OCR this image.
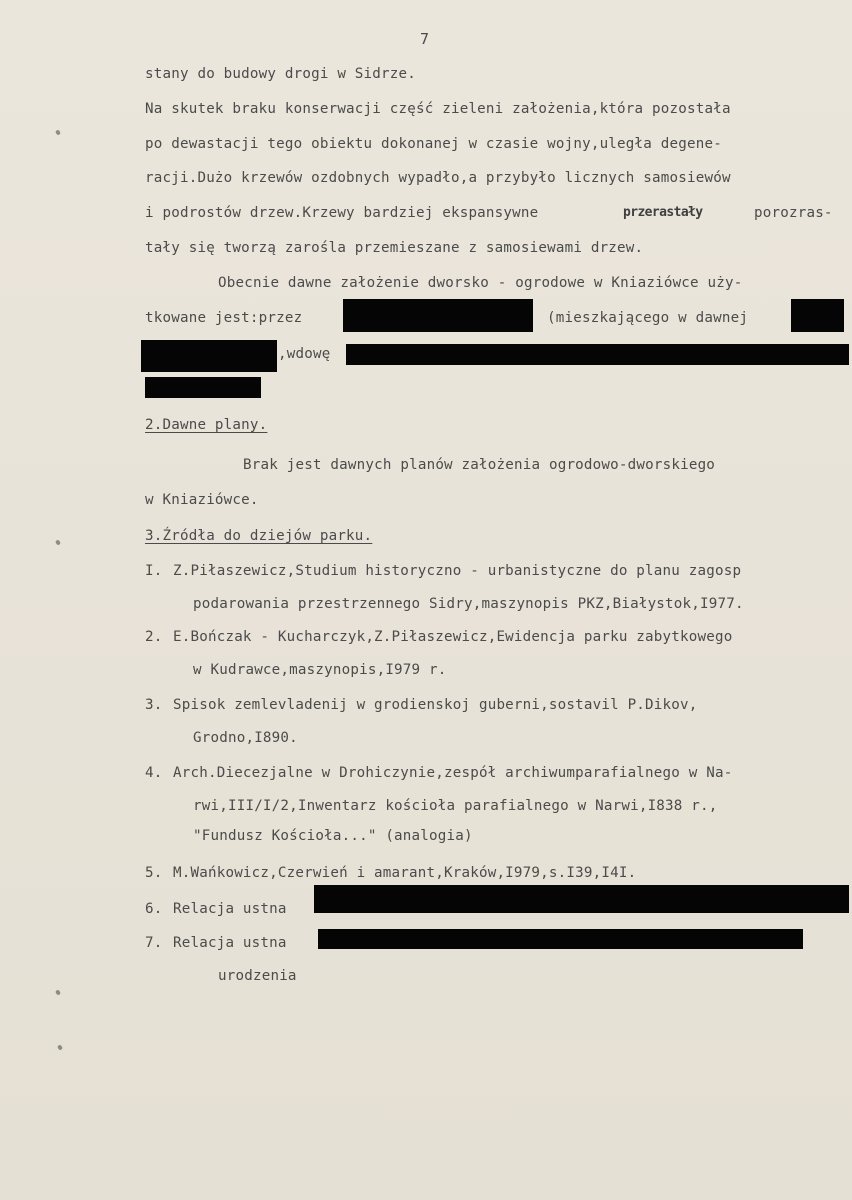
7
stany do budowy drogi w Sidrze.
Na skutek braku konserwacji część zieleni założenia,która pozostała
po dewastacji tego obiektu dokonanej w czasie wojny,uległa degene-
racji.Dużo krzewów ozdobnych wypadło,a przybyło licznych samosiewów
i podrostów drzew.Krzewy bardziej ekspansywne	przerastały	porozras-
tały się tworzą zarośla przemieszane z samosiewami drzew.
Obecnie dawne założenie dworsko - ogrodowe w Kniaziówce uży-
tkowane jest:przez	(mieszkającego w dawnej
,wdowę
2.Dawne plany.
Brak jest dawnych planów założenia ogrodowo-dworskiego
w Kniaziówce.
3.Źródła do dziejów parku.
I. Z.Piłaszewicz,Studium historyczno - urbanistyczne do planu zagosp
podarowania przestrzennego Sidry,maszynopis PKZ,Białystok,I977.
2. E.Bończak - Kucharczyk,Z.Piłaszewicz,Ewidencja parku zabytkowego
w Kudrawce,maszynopis,I979 r.
3. Spisok zemlevladenij w grodienskoj guberni,sostavil P.Dikov,
Grodno,I890.
4. Arch.Diecezjalne w Drohiczynie,zespół archiwumparafialnego w Na-
rwi,III/I/2,Inwentarz kościoła parafialnego w Narwi,I838 r.,
"Fundusz Kościoła..." (analogia)
5. M.Wańkowicz,Czerwień i amarant,Kraków,I979,s.I39,I4I.
6. Relacja ustna
7. Relacja ustna
urodzenia
